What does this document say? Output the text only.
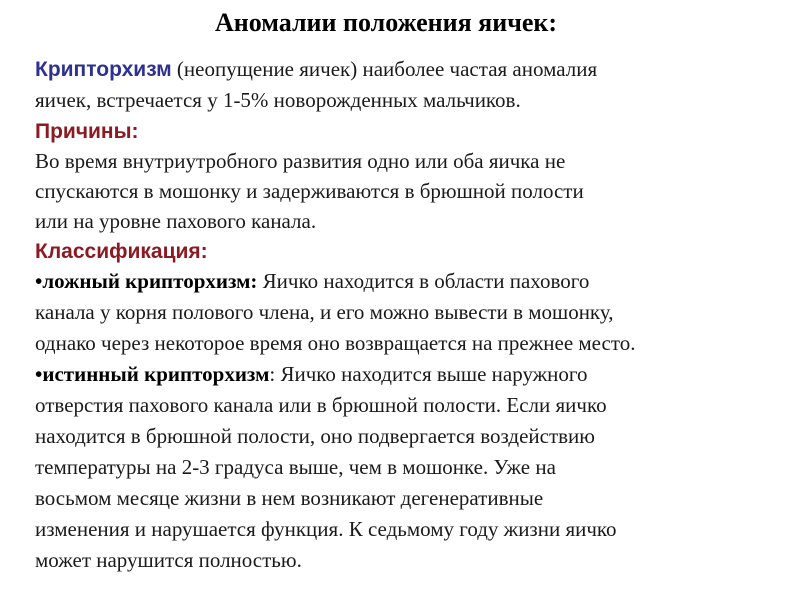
Аномалии положения яичек:
Крипторхизм (неопущение яичек) наиболее частая аномалия
яичек, встречается у 1-5% новорожденных мальчиков.
Причины:
Во время внутриутробного развития одно или оба яичка не
спускаются в мошонку и задерживаются в брюшной полости
или на уровне пахового канала.
Классификация:
•ложный крипторхизм: Яичко находится в области пахового
канала у корня полового члена, и его можно вывести в мошонку,
однако через некоторое время оно возвращается на прежнее место.
•истинный крипторхизм: Яичко находится выше наружного
отверстия пахового канала или в брюшной полости. Если яичко
находится в брюшной полости, оно подвергается воздействию
температуры на 2-3 градуса выше, чем в мошонке. Уже на
восьмом месяце жизни в нем возникают дегенеративные
изменения и нарушается функция. К седьмому году жизни яичко
может нарушится полностью.
